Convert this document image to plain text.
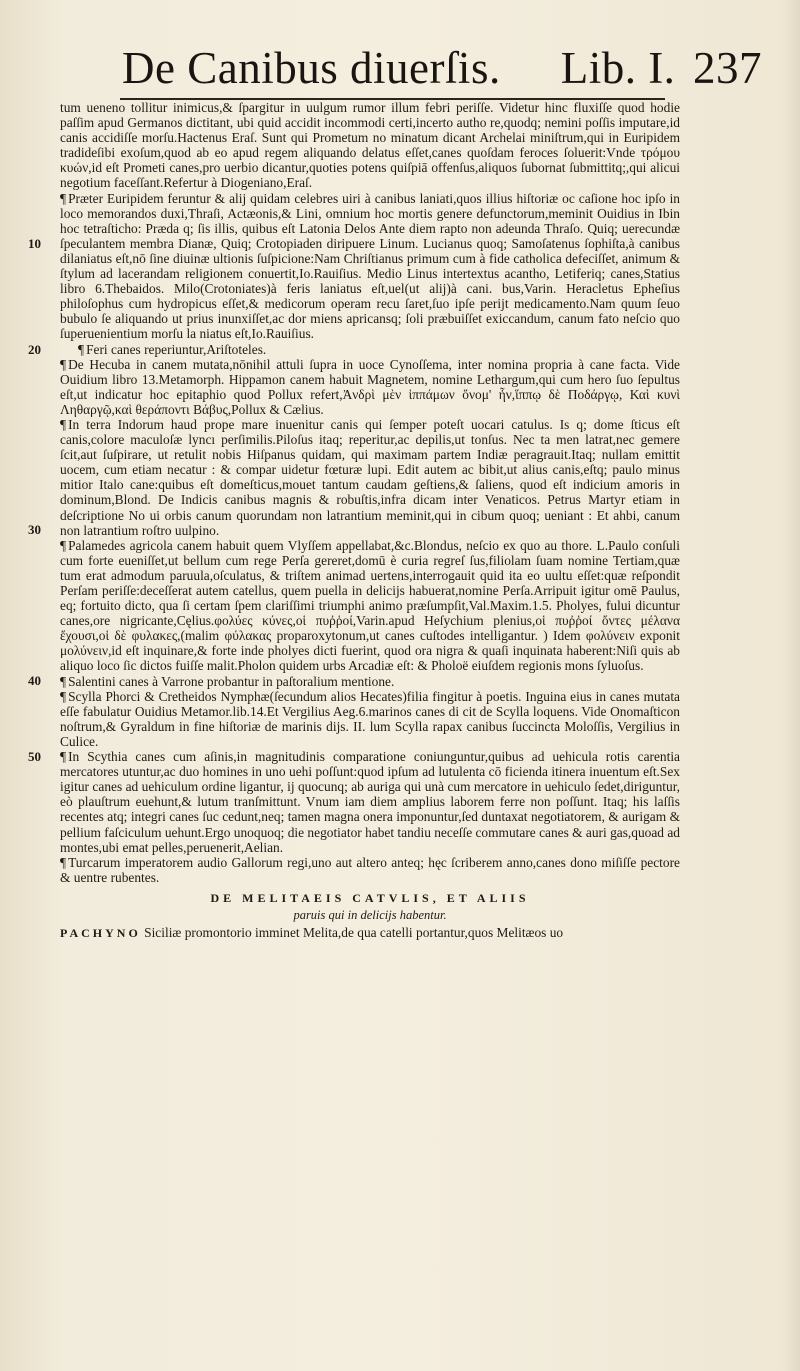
De Canibus diuerſis. Lib. I. 237

tum ueneno tollitur inimicus,& ſpargitur in uulgum rumor illum febri periſſe. Videtur hinc fluxiſſe quod hodie paſſim apud Germanos dictitant, ubi quid accidit incommodi certi,incerto autho re,quodq; nemini poſſis imputare,id canis accidiſſe morſu.Hactenus Eraſ. Sunt qui Prometum no minatum dicant Archelai miniſtrum,qui in Euripidem tradideſibi exoſum,quod ab eo apud regem aliquando delatus eſſet,canes quoſdam feroces ſoluerit:Vnde τρόμου κυών,id eſt Prometi canes,pro uerbio dicantur,quoties potens quiſpiā offenſus,aliquos ſubornat ſubmittitq;,qui alicui negotium faceſſant.Refertur à Diogeniano,Eraſ.

¶ Præter Euripidem feruntur & alij quidam celebres uiri à canibus laniati,quos illius hiſtoriæ oc caſione hoc ipſo in loco memorandos duxi,Thraſi, Actæonis,& Lini, omnium hoc mortis genere defunctorum,meminit Ouidius in Ibin hoc tetraſticho: Præda q; ſis illis, quibus eſt Latonia Delos Ante diem rapto non adeunda Thraſo. Quiq; uerecundæ ſpeculantem membra Dianæ, Quiq; Crotopiaden diripuere Linum. Lucianus quoq; Samoſatenus ſophiſta,à canibus dilaniatus eſt,nō ſine diuinæ ultionis ſuſpicione:Nam Chriſtianus primum cum à fide catholica defeciſſet, animum & ſtylum ad lacerandam religionem conuertit,Io.Rauiſius. Medio Linus intertextus acantho, Letiferiq; canes,Statius libro 6.Thebaidos. Milo(Crotoniates)à feris laniatus eſt,uel(ut alij)à cani. bus,Varin. Heracletus Epheſius philoſophus cum hydropicus eſſet,& medicorum operam recu ſaret,ſuo ipſe perijt medicamento.Nam quum ſeuo bubulo ſe aliquando ut prius inunxiſſet,ac dor miens apricansq; ſoli præbuiſſet exiccandum, canum fato neſcio quo ſuperuenientium morſu la niatus eſt,Io.Rauiſius.

10
20	¶ Feri canes reperiuntur,Ariſtoteles.

¶ De Hecuba in canem mutata,nōnihil attuli ſupra in uoce Cynoſſema, inter nomina propria à cane facta. Vide Ouidium libro 13.Metamorph. Hippamon canem habuit Magnetem, nomine Lethargum,qui cum hero ſuo ſepultus eſt,ut indicatur hoc epitaphio quod Pollux refert,Ἀνδρὶ μὲν ἱππάμων ὄνομ' ἦν,ἵππῳ δὲ Ποδάργῳ, Καὶ κυνὶ Ληθαργῷ,καὶ θεράποντι Βάβυς,Pollux & Cælius.

¶ In terra Indorum haud prope mare inuenitur canis qui ſemper poteſt uocari catulus. Is q; dome ſticus eſt canis,colore maculoſæ lyncı perſimilis.Piloſus itaq; reperitur,ac depilis,ut tonſus. Nec ta men latrat,nec gemere ſcit,aut ſuſpirare, ut retulit nobis Hiſpanus quidam, qui maximam partem Indiæ peragrauit.Itaq; nullam emittit uocem, cum etiam necatur : & compar uidetur fœturæ lupi. Edit autem ac bibit,ut alius canis,eſtq; paulo minus mitior Italo cane:quibus eſt domeſticus,mouet tantum caudam geſtiens,& ſaliens, quod eſt indicium amoris in dominum,Blond. De Indicis canibus magnis & robuſtis,infra dicam inter Venaticos. Petrus Martyr etiam in deſcriptione No ui orbis canum quorundam non latrantium meminit,qui in cibum quoq; ueniant : Et ahbi, canum non latrantium roſtro uulpino.

30

¶ Palamedes agricola canem habuit quem Vlyſſem appellabat,&c.Blondus, neſcio ex quo au thore. L.Paulo conſuli cum forte eueniſſet,ut bellum cum rege Perſa gereret,domū è curia regreſ ſus,filiolam ſuam nomine Tertiam,quæ tum erat admodum paruula,oſculatus, & triſtem animad uertens,interrogauit quid ita eo uultu eſſet:quæ reſpondit Perſam periſſe:deceſſerat autem catellus, quem puella in delicijs habuerat,nomine Perſa.Arripuit igitur omē Paulus, eq; fortuito dicto, qua ſi certam ſpem clariſſimi triumphi animo præſumpſit,Val.Maxim.1.5. Pholyes, fului dicuntur canes,ore nigricante,Cęlius.φολύες κύνες,οἱ πυῤῥοί,Varin.apud Heſychium plenius,οἱ πυῤῥοί ὄντες μέλανα ἔχουσι,οἱ δὲ φυλακες,(malim φύλακας proparoxytonum,ut canes cuſtodes intelligantur. ) Idem φολύνειν exponit μολύνειν,id eſt inquinare,& forte inde pholyes dicti fuerint, quod ora nigra & quaſi inquinata haberent:Niſi quis ab aliquo loco ſic dictos fuiſſe malit.Pholon quidem urbs Arcadiæ eſt: & Pholoë eiuſdem regionis mons ſyluoſus.

40 ¶ Salentini canes à Varrone probantur in paſtoralium mentione.

¶ Scylla Phorci & Cretheidos Nymphæ(ſecundum alios Hecates)filia fingitur à poetis. Inguina eius in canes mutata eſſe fabulatur Ouidius Metamor.lib.14.Et Vergilius Aeg.6.marinos canes di cit de Scylla loquens. Vide Onomaſticon noſtrum,& Gyraldum in fine hiſtoriæ de marinis dijs. II. lum Scylla rapax canibus ſuccincta Moloſſis, Vergilius in Culice.

¶ In Scythia canes cum aſinis,in magnitudinis comparatione coniunguntur,quibus ad uehicula rotis carentia mercatores utuntur,ac duo homines in uno uehi poſſunt:quod ipſum ad lutulenta cō ficienda itinera inuentum eſt.Sex igitur canes ad uehiculum ordine ligantur, ij quocunq; ab auriga qui unà cum mercatore in uehiculo ſedet,diriguntur, eò plauſtrum euehunt,& lutum tranſmittunt. Vnum iam diem amplius laborem ferre non poſſunt. Itaq; his laſſis recentes atq; integri canes ſuc cedunt,neq; tamen magna onera imponuntur,ſed duntaxat negotiatorem, & aurigam & pellium faſciculum uehunt.Ergo unoquoq; die negotiator habet tandiu neceſſe commutare canes & auri gas,quoad ad montes,ubi emat pelles,peruenerit,Aelian.

50

¶ Turcarum imperatorem audio Gallorum regi,uno aut altero anteq; hęc ſcriberem anno,canes dono miſiſſe pectore & uentre rubentes.

DE MELITAEIS CATVLIS, ET ALIIS
paruis qui in delicijs habentur.
PACHYNO Siciliæ promontorio imminet Melita,de qua catelli portantur,quos Melitæos uo
